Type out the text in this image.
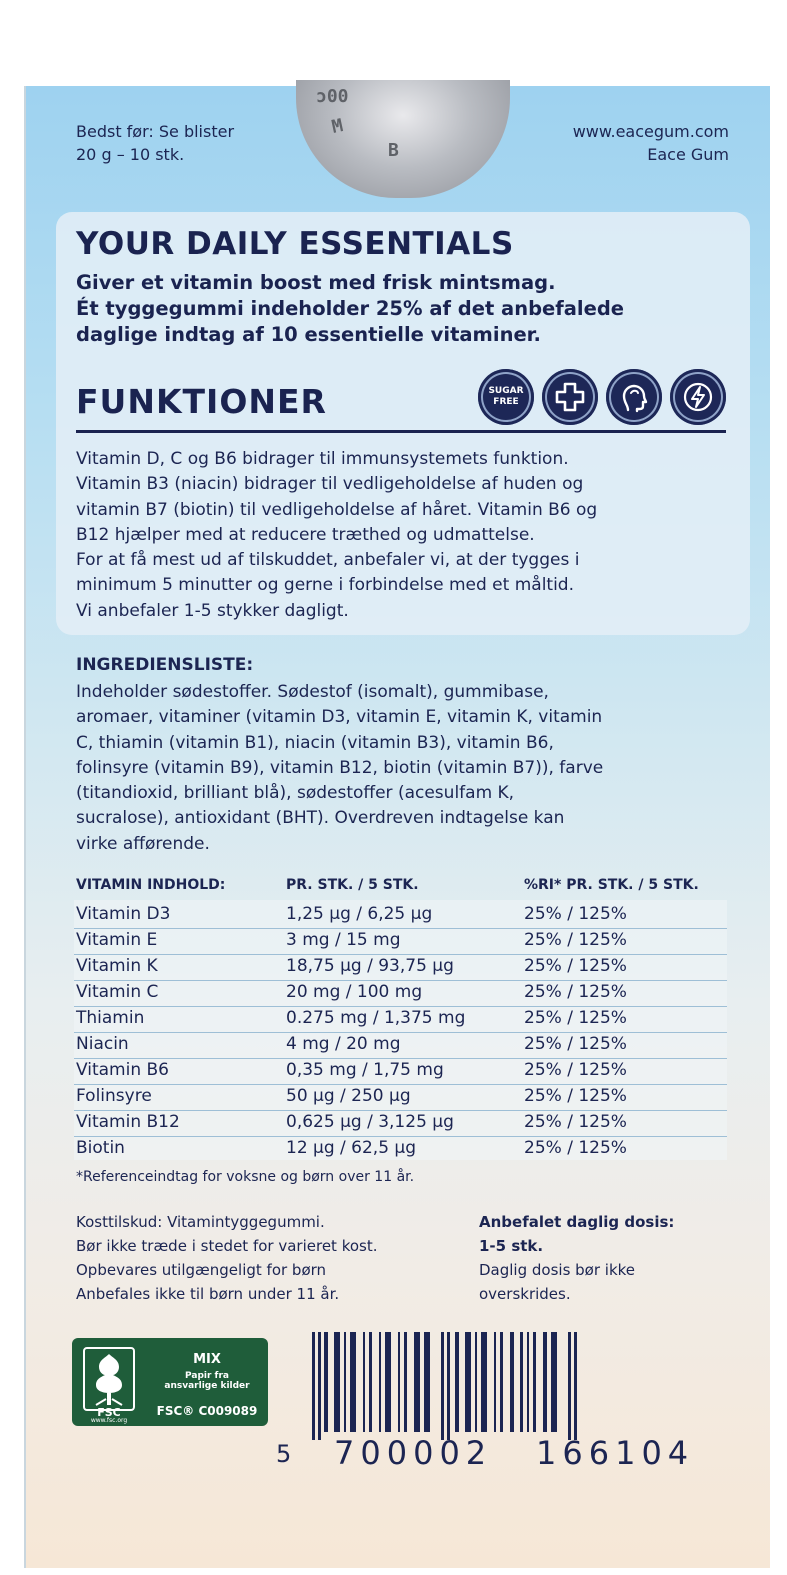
ɔ00
M
B
Bedst før: Se blister
20 g – 10 stk.
www.eacegum.com
Eace Gum
YOUR DAILY ESSENTIALS
Giver et vitamin boost med frisk mintsmag.
Ét tyggegummi indeholder 25% af det anbefalede
daglige indtag af 10 essentielle vitaminer.
FUNKTIONER	SUGAR
FREE

Vitamin D, C og B6 bidrager til immunsystemets funktion.

Vitamin B3 (niacin) bidrager til vedligeholdelse af huden og

vitamin B7 (biotin) til vedligeholdelse af håret. Vitamin B6 og

B12 hjælper med at reducere træthed og udmattelse.

For at få mest ud af tilskuddet, anbefaler vi, at der tygges i

minimum 5 minutter og gerne i forbindelse med et måltid.

Vi anbefaler 1-5 stykker dagligt.

INGREDIENSLISTE:

Indeholder sødestoffer. Sødestof (isomalt), gummibase,

aromaer, vitaminer (vitamin D3, vitamin E, vitamin K, vitamin

C, thiamin (vitamin B1), niacin (vitamin B3), vitamin B6,

folinsyre (vitamin B9), vitamin B12, biotin (vitamin B7)), farve

(titandioxid, brilliant blå), sødestoffer (acesulfam K,

sucralose), antioxidant (BHT). Overdreven indtagelse kan

virke afførende.

VITAMIN INDHOLD:	PR. STK. / 5 STK.	%RI* PR. STK. / 5 STK.
Vitamin D3	1,25 µg / 6,25 µg	25% / 125%
Vitamin E	3 mg / 15 mg	25% / 125%
Vitamin K	18,75 µg / 93,75 µg	25% / 125%
Vitamin C	20 mg / 100 mg	25% / 125%
Thiamin	0.275 mg / 1,375 mg	25% / 125%
Niacin	4 mg / 20 mg	25% / 125%
Vitamin B6	0,35 mg / 1,75 mg	25% / 125%
Folinsyre	50 µg / 250 µg	25% / 125%
Vitamin B12	0,625 µg / 3,125 µg	25% / 125%
Biotin	12 µg / 62,5 µg	25% / 125%
*Referenceindtag for voksne og børn over 11 år.
Kosttilskud: Vitamintyggegummi.
Bør ikke træde i stedet for varieret kost.
Opbevares utilgængeligt for børn
Anbefales ikke til børn under 11 år.
Anbefalet daglig dosis:
1-5 stk.
Daglig dosis bør ikke
overskrides.
FSC
www.fsc.org
MIX
Papir fra
ansvarlige kilder
FSC® C009089
5 700002 166104
